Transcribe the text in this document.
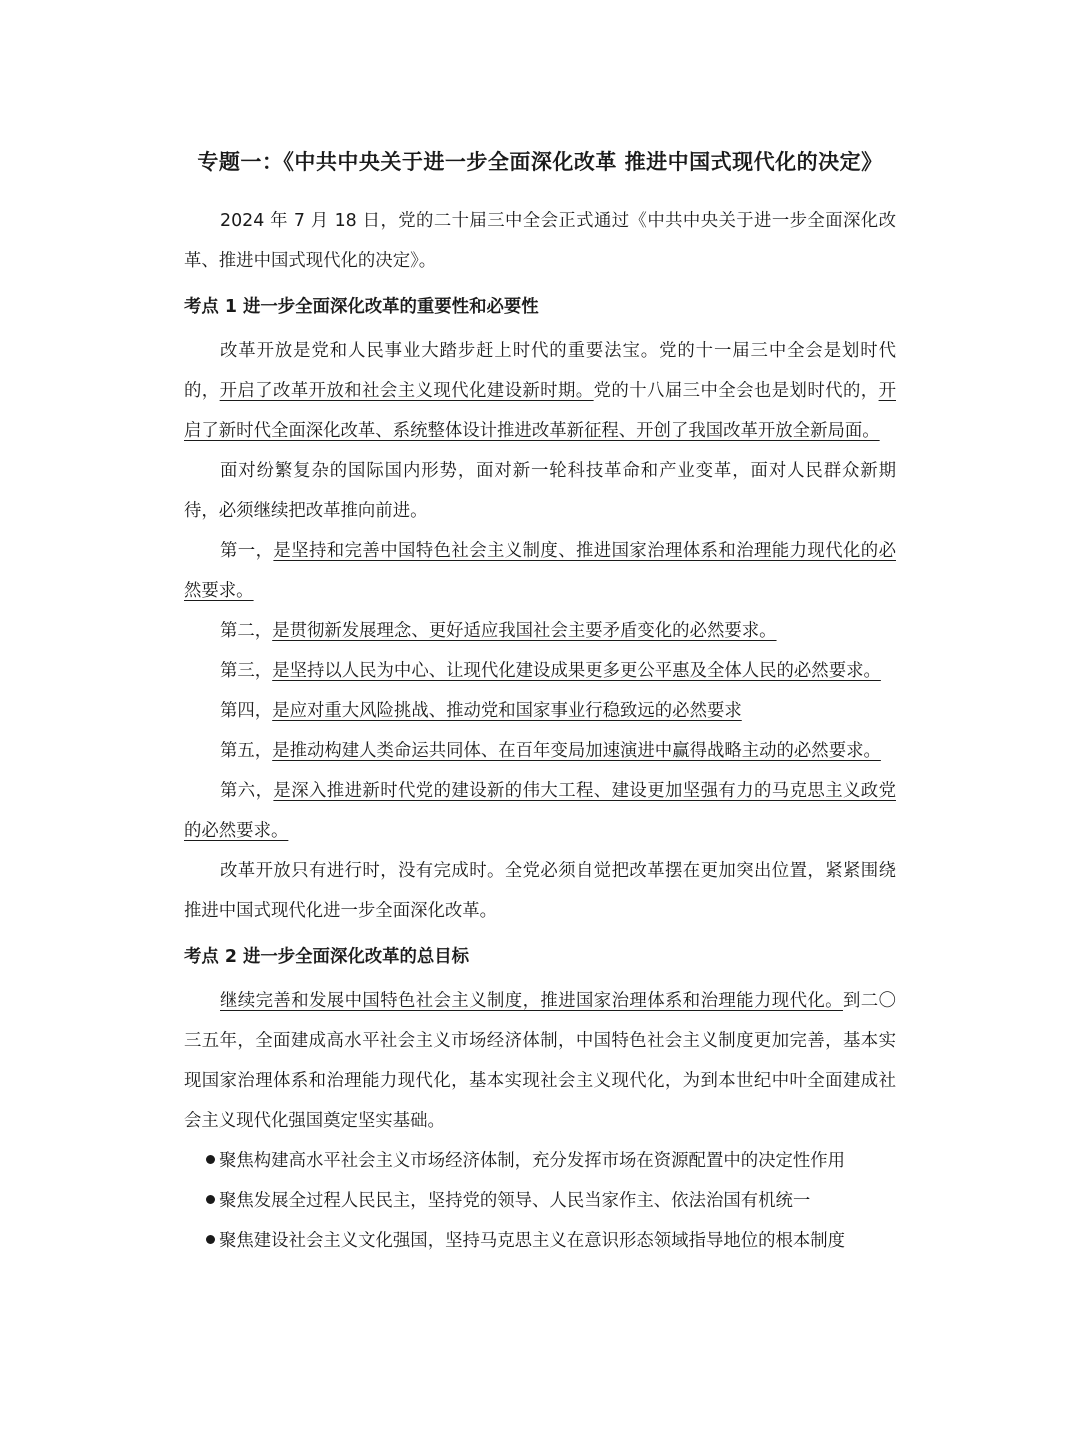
专题一：《中共中央关于进一步全面深化改革 推进中国式现代化的决定》

2024 年 7 月 18 日，党的二十届三中全会正式通过《中共中央关于进一步全面深化改革、推进中国式现代化的决定》。

考点 1 进一步全面深化改革的重要性和必要性

改革开放是党和人民事业大踏步赶上时代的重要法宝。党的十一届三中全会是划时代的，开启了改革开放和社会主义现代化建设新时期。党的十八届三中全会也是划时代的，开启了新时代全面深化改革、系统整体设计推进改革新征程、开创了我国改革开放全新局面。

面对纷繁复杂的国际国内形势，面对新一轮科技革命和产业变革，面对人民群众新期待，必须继续把改革推向前进。

第一，是坚持和完善中国特色社会主义制度、推进国家治理体系和治理能力现代化的必然要求。

第二，是贯彻新发展理念、更好适应我国社会主要矛盾变化的必然要求。

第三，是坚持以人民为中心、让现代化建设成果更多更公平惠及全体人民的必然要求。

第四，是应对重大风险挑战、推动党和国家事业行稳致远的必然要求

第五，是推动构建人类命运共同体、在百年变局加速演进中赢得战略主动的必然要求。

第六，是深入推进新时代党的建设新的伟大工程、建设更加坚强有力的马克思主义政党的必然要求。

改革开放只有进行时，没有完成时。全党必须自觉把改革摆在更加突出位置，紧紧围绕推进中国式现代化进一步全面深化改革。

考点 2 进一步全面深化改革的总目标

继续完善和发展中国特色社会主义制度，推进国家治理体系和治理能力现代化。到二〇三五年，全面建成高水平社会主义市场经济体制，中国特色社会主义制度更加完善，基本实现国家治理体系和治理能力现代化，基本实现社会主义现代化，为到本世纪中叶全面建成社会主义现代化强国奠定坚实基础。

聚焦构建高水平社会主义市场经济体制，充分发挥市场在资源配置中的决定性作用

聚焦发展全过程人民民主，坚持党的领导、人民当家作主、依法治国有机统一

聚焦建设社会主义文化强国，坚持马克思主义在意识形态领域指导地位的根本制度
